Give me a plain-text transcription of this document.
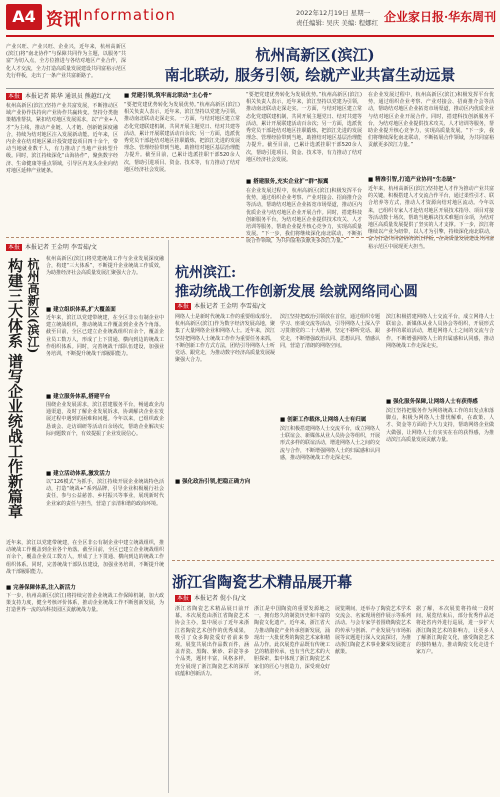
A4 资讯
Information	2022年12月19日 星期一
责任编辑: 吴庆 美编: 程娜红 企业家日报·华东周刊
杭州高新区(滨江)
南北联动, 服务引领, 绘就产业共富生动远景
产业兴旺、产业兴旺、企业兴，近年来，杭州高新区(滨江)将“南北协作”与保障共同作为主题，以服务“共富”为切入点，全方位推进与各结对地区产业合作，深化人才交流，全力打造高质量发展建设共同富裕示范区先行样板，走出了一条产业共富新路子。
本报 本报记者 陈华 通讯员 熊越红/文
杭州高新区(滨江)坚持产业共富发展，不断推动区域产业协作扶持向产业协作共赢转变。坚持分类施策精准帮扶，紧扣结对地区发展需求，以“产业+人才”为主线，推动产业链、人才链、创新链深度融合，持续为结对地区注入发展新动能。近年来，区内企业在结对地区累计投资建设项目四十余个，带动当地就业数千人，有力推动了当地产业转型升级。同时，滨江持续深化“山海协作”，聚焦数字经济、生命健康等重点领域，引导区内龙头企业向结对地区延伸产业链条。
■ 党建引领,筑牢南北联动“主心骨”
“要把党建优势转化为发展优势。”杭州高新区(滨江)相关负责人表示，近年来，滨江坚持以党建为引领，推动南北联动走深走实。一方面，与结对地区建立常态化党建联建机制，共同开展主题党日、结对共建等活动，累计开展联建活动百余次；另一方面，选派优秀党员干部赴结对地区挂职锻炼，把滨江先进的发展理念、管理经验带到当地，助推结对地区基层治理能力提升。截至目前，已累计选派挂职干部520余人次，帮助引进项目、资金、技术等，有力推动了结对地区经济社会发展。
■ 搭建服务,充实企业扩“群”振翼
“要把党建优势转化为发展优势。”杭州高新区(滨江)相关负责人表示，近年来，滨江坚持以党建为引领，推动南北联动走深走实。一方面，与结对地区建立常态化党建联建机制，共同开展主题党日、结对共建等活动，累计开展联建活动百余次；另一方面，选派优秀党员干部赴结对地区挂职锻炼，把滨江先进的发展理念、管理经验带到当地，助推结对地区基层治理能力提升。截至目前，已累计选派挂职干部520余人次，帮助引进项目、资金、技术等，有力推动了结对地区经济社会发展。
在企业发展过程中，杭州高新区(滨江)积极发挥平台优势，通过组织企业考察、产业对接会、招商推介会等活动，帮助结对地区企业拓宽市场渠道，推动区内优质企业与结对地区企业开展合作。同时，搭建科技创新服务平台，为结对地区企业提供技术攻关、人才培训等服务，帮助企业提升核心竞争力，实现高质量发展。“下一步，我们将继续深化南北联动，不断拓展合作领域，为共同富裕贡献更多滨江力量。”
■ 精准引智,打造产业协同“生态链”
在企业发展过程中，杭州高新区(滨江)积极发挥平台优势，通过组织企业考察、产业对接会、招商推介会等活动，帮助结对地区企业拓宽市场渠道，推动区内优质企业与结对地区企业开展合作。同时，搭建科技创新服务平台，为结对地区企业提供技术攻关、人才培训等服务，帮助企业提升核心竞争力，实现高质量发展。“下一步，我们将继续深化南北联动，不断拓展合作领域，为共同富裕贡献更多滨江力量。”
近年来，杭州高新区(滨江)坚持把人才作为推动产业共富的关键，积极搭建人才交流合作平台，通过柔性引才、联合培养等方式，推动人才资源向结对地区流动。今年以来，已组织专家人才赴结对地区开展技术指导、项目对接等活动数十场次，帮助当地解决技术难题百余项，为结对地区高质量发展提供了坚实的人才支撑。下一步，滨江将继续以产业为纽带，以人才为引擎，持续深化南北联动，奋力打造共同富裕的滨江样板，在高质量发展建设共同富裕示范区中展现更大担当。
本报 本报记者 王金明 李雪茹/文
构建三大体系 谱写企业统战工作新篇章 杭州高新区(滨江) 杭州高新区(滨江)将党建统战工作与企业发展深度融合，构建“三大体系”，不断提升企业统战工作质效，为助推经济社会高质量发展汇聚强大合力。
■ 建立组织体系,扩大覆盖面
近年来，滨江以党建带统建，在全区非公有制企业中建立统战组织，推动统战工作覆盖到企业各个角落。截至目前，全区已建立企业统战组织百余个，覆盖企业员工数万人，形成了上下贯通、横向到边的统战工作组织体系。同时，完善统战干部队伍建设，加强业务培训，不断提升统战干部履职能力。
■ 建立服务体系,搭建平台
围绕企业发展需求，滨江搭建服务平台，畅通政企沟通渠道，及时了解企业发展诉求，协调解决企业在发展过程中遇到的困难和问题。今年以来，已组织政企恳谈会、走访调研等活动百余场次，帮助企业解决实际问题数百个，有效提振了企业发展信心。
■ 建立活动体系,激发活力
以“126模式”为抓手，滨江持续开展企业统战特色活动，打造“统战+”系列品牌，引导企业积极履行社会责任，参与公益慈善、乡村振兴等事业，展现新时代企业家的责任与担当，营造了亲清和谐的政商环境。
近年来，滨江以党建带统建，在全区非公有制企业中建立统战组织，推动统战工作覆盖到企业各个角落。截至目前，全区已建立企业统战组织百余个，覆盖企业员工数万人，形成了上下贯通、横向到边的统战工作组织体系。同时，完善统战干部队伍建设，加强业务培训，不断提升统战干部履职能力。
■ 完善保障体系,注入新活力
下一步，杭州高新区(滨江)将持续完善企业统战工作保障机制，加大政策支持力度，健全考核评价体系，推动企业统战工作不断创新发展，为打造世界一流的高科技园区贡献统战力量。
杭州滨江:
推动统战工作创新发展 绘就网络同心圆
本报 本报记者 王金明 李雪茹/文
网络人士是新时代统战工作的重要组成部分。杭州高新区(滨江)作为数字经济发展高地，聚集了大量网络企业和网络人士。近年来，滨江坚持把网络人士统战工作作为重要任务来抓，不断创新工作方式方法，团结引导网络人士听党话、跟党走，为推动数字经济高质量发展凝聚强大合力。
■ 强化政治引领,把稳正确方向
滨江坚持把政治引领放在首位，通过组织专题学习、座谈交流等活动，引导网络人士深入学习贯彻党的二十大精神，坚定不移听党话、跟党走，不断增强政治认同、思想认同、情感认同，营造了清朗的网络空间。
■ 创新工作载体,让网络人士有归属
滨江积极搭建网络人士交流平台，成立网络人士联谊会、新媒体从业人员协会等组织，开展形式多样的联谊活动，增进网络人士之间的交流与合作，不断增强网络人士的归属感和认同感，推动网络统战工作走深走实。
滨江积极搭建网络人士交流平台，成立网络人士联谊会、新媒体从业人员协会等组织，开展形式多样的联谊活动，增进网络人士之间的交流与合作，不断增强网络人士的归属感和认同感，推动网络统战工作走深走实。
■ 强化服务保障,让网络人士有获得感
滨江坚持把服务作为网络统战工作的出发点和落脚点，积极为网络人士排忧解难，在政策、人才、资金等方面给予大力支持，帮助网络企业做大做强，让网络人士有实实在在的获得感，为推动滨江高质量发展贡献力量。
浙江省陶瓷艺术精品展开幕
本报 本报记者 倪小良/文
浙江省陶瓷艺术精品展日前开幕。本次展览由浙江省陶瓷艺术协会主办，集中展示了近年来浙江省陶瓷艺术创作的优秀成果，吸引了众多陶瓷爱好者前来参观。展览共展出作品数百件，涵盖青瓷、黑陶、紫砂、彩瓷等多个品类，题材丰富，风格多样，充分展现了浙江陶瓷艺术的深厚底蕴和创新活力。
浙江是中国陶瓷的重要发源地之一，拥有悠久的制瓷历史和丰富的陶瓷文化遗产。近年来，浙江省大力推动陶瓷产业传承创新发展，涌现出一大批优秀的陶瓷艺术家和精品力作。此次展览作品既有传统工艺的精湛传承，也有当代艺术的大胆探索，集中体现了浙江陶瓷艺术家们的匠心与创造力，深受观众好评。
展览期间，还举办了陶瓷艺术学术交流会、名家现场创作展示等系列活动。与会专家学者围绕陶瓷艺术的传承与创新、产业发展与市场拓展等议题进行深入交流探讨，为推动浙江陶瓷艺术事业繁荣发展建言献策。
据了解，本次展览将持续一段时间，展览结束后，部分优秀作品还将赴省内外进行巡展，进一步扩大浙江陶瓷艺术的影响力，让更多人了解浙江陶瓷文化，感受陶瓷艺术的独特魅力，推动陶瓷文化走进千家万户。
